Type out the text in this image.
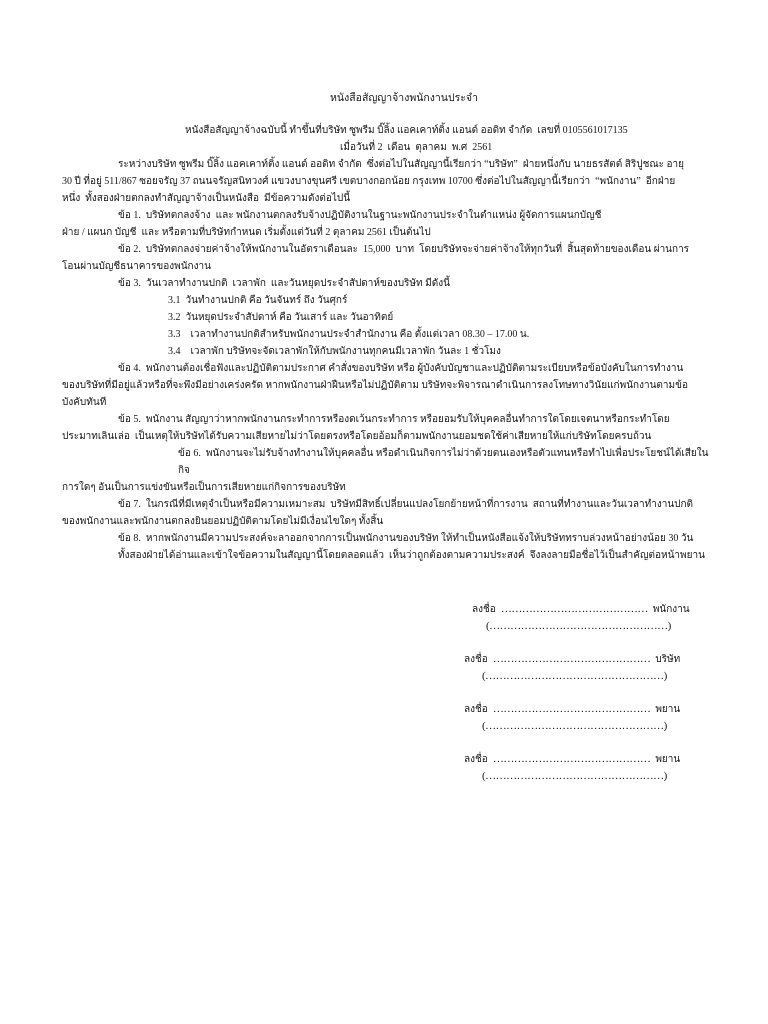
หนังสือสัญญาจ้างพนักงานประจำ
หนังสือสัญญาจ้างฉบับนี้ ทำขึ้นที่บริษัท ซูพรีม บิ๊ลิ้ง แอคเคาท์ติ้ง แอนด์ ออดิท จำกัด  เลขที่ 0105561017135
เมื่อวันที่ 2  เดือน  ตุลาคม  พ.ศ  2561
ระหว่างบริษัท ซูพรีม บิ๊ลิ้ง แอคเคาท์ติ้ง แอนด์ ออดิท จำกัด  ซึ่งต่อไปในสัญญานี้เรียกว่า “บริษัท”  ฝ่ายหนึ่งกับ นายธรสัตต์ สิริปูชณะ อายุ
30 ปี ที่อยู่ 511/867 ซอยจรัญ 37 ถนนจรัญสนิทวงศ์ แขวงบางขุนศรี เขตบางกอกน้อย กรุงเทพ 10700 ซึ่งต่อไปในสัญญานี้เรียกว่า  “พนักงาน”  อีกฝ่าย
หนึ่ง  ทั้งสองฝ่ายตกลงทำสัญญาจ้างเป็นหนังสือ  มีข้อความดังต่อไปนี้
ข้อ 1.  บริษัทตกลงจ้าง  และ พนักงานตกลงรับจ้างปฏิบัติงานในฐานะพนักงานประจำในตำแหน่ง ผู้จัดการแผนกบัญชี
ฝ่าย / แผนก บัญชี  และ หรือตามที่บริษัทกำหนด เริ่มตั้งแต่วันที่ 2 ตุลาคม 2561 เป็นต้นไป
ข้อ 2.  บริษัทตกลงจ่ายค่าจ้างให้พนักงานในอัตราเดือนละ  15,000  บาท  โดยบริษัทจะจ่ายค่าจ้างให้ทุกวันที่  สิ้นสุดท้ายของเดือน ผ่านการ
โอนผ่านบัญชีธนาคารของพนักงาน
ข้อ 3.  วันเวลาทำงานปกติ  เวลาพัก  และวันหยุดประจำสัปดาห์ของบริษัท มีดังนี้
3.1  วันทำงานปกติ คือ วันจันทร์ ถึง วันศุกร์
3.2  วันหยุดประจำสัปดาห์ คือ วันเสาร์ และ วันอาทิตย์
3.3    เวลาทำงานปกติสำหรับพนักงานประจำสำนักงาน คือ ตั้งแต่เวลา 08.30 – 17.00 น.
3.4    เวลาพัก บริษัทจะจัดเวลาพักให้กับพนักงานทุกคนมีเวลาพัก วันละ 1 ชั่วโมง
ข้อ 4.  พนักงานต้องเชื่อฟังและปฏิบัติตามประกาศ คำสั่งของบริษัท หรือ ผู้บังคับบัญชาและปฏิบัติตามระเบียบหรือข้อบังคับในการทำงาน
ของบริษัทที่มีอยู่แล้วหรือที่จะพึงมีอย่างเคร่งครัด หากพนักงานฝ่าฝืนหรือไม่ปฏิบัติตาม บริษัทจะพิจารณาดำเนินการลงโทษทางวินัยแก่พนักงานตามข้อ
บังคับทันที
ข้อ 5.  พนักงาน สัญญาว่าหากพนักงานกระทำการหรืองดเว้นกระทำการ หรือยอมรับให้บุคคลอื่นทำการใดโดยเจตนาหรือกระทำโดย
ประมาทเลินเล่อ  เป็นเหตุให้บริษัทได้รับความเสียหายไม่ว่าโดยตรงหรือโดยอ้อมก็ตามพนักงานยอมชดใช้ค่าเสียหายให้แก่บริษัทโดยครบถ้วน
ข้อ 6.  พนักงานจะไม่รับจ้างทำงานให้บุคคลอื่น หรือดำเนินกิจการไม่ว่าด้วยตนเองหรือตัวแทนหรือทำไปเพื่อประโยชน์ได้เสียในกิจ
การใดๆ อันเป็นการแข่งขันหรือเป็นการเสียหายแก่กิจการของบริษัท
ข้อ 7.  ในกรณีที่มีเหตุจำเป็นหรือมีความเหมาะสม  บริษัทมีสิทธิ์เปลี่ยนแปลงโยกย้ายหน้าที่การงาน  สถานที่ทำงานและวันเวลาทำงานปกติ
ของพนักงานและพนักงานตกลงยินยอมปฏิบัติตามโดยไม่มีเงื่อนไขใดๆ ทั้งสิ้น
ข้อ 8.  หากพนักงานมีความประสงค์จะลาออกจากการเป็นพนักงานของบริษัท ให้ทำเป็นหนังสือแจ้งให้บริษัททราบล่วงหน้าอย่างน้อย 30 วัน
ทั้งสองฝ่ายได้อ่านและเข้าใจข้อความในสัญญานี้โดยตลอดแล้ว  เห็นว่าถูกต้องตามความประสงค์  จึงลงลายมือชื่อไว้เป็นสำคัญต่อหน้าพยาน
ลงชื่อ …………………………………… พนักงาน
(……………………………………………)
ลงชื่อ ……………………………………… บริษัท
(……………………………………………)
ลงชื่อ ……………………………………… พยาน
(……………………………………………)
ลงชื่อ ……………………………………… พยาน
(……………………………………………)
